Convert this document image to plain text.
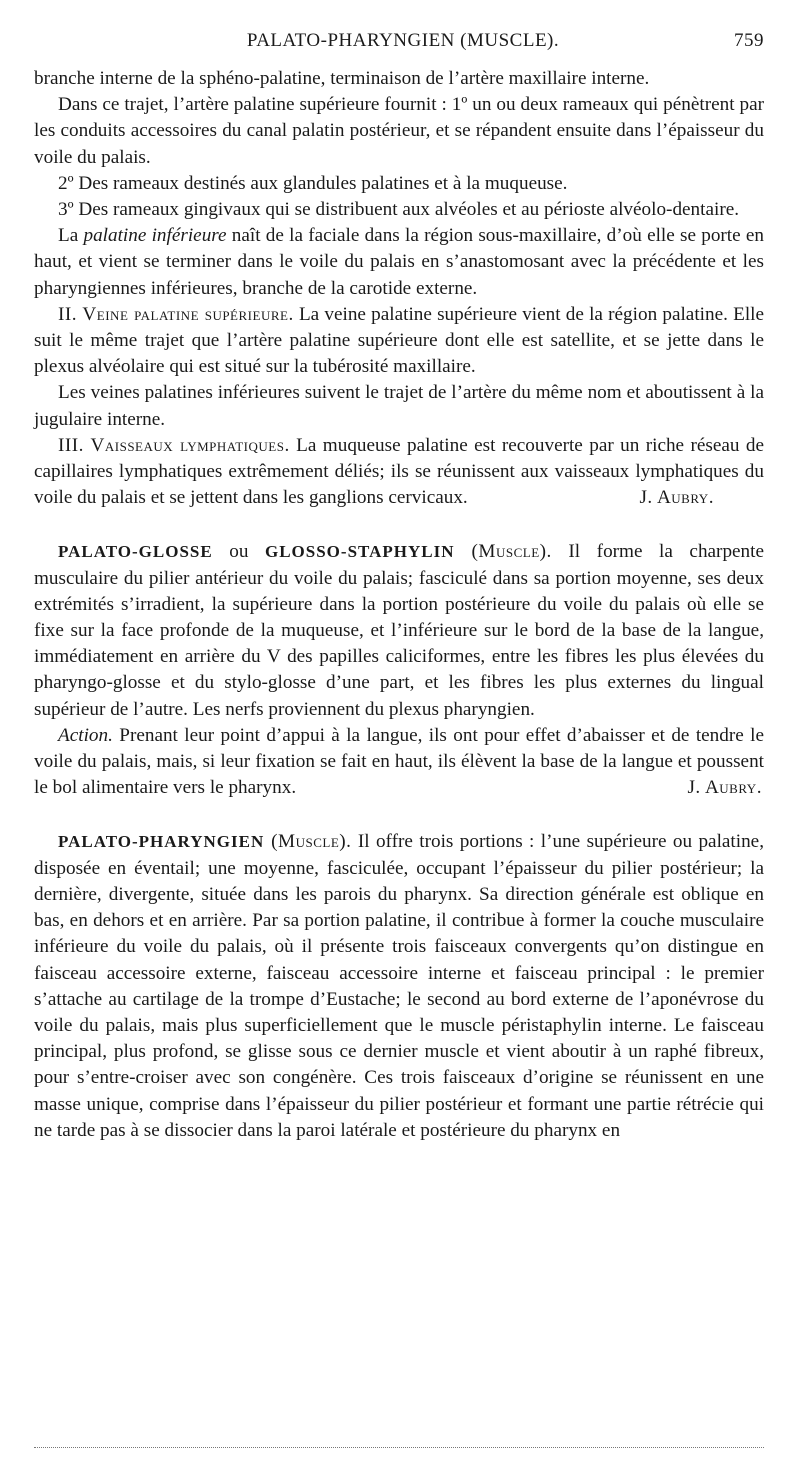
PALATO-PHARYNGIEN (MUSCLE).	759

branche interne de la sphéno-palatine, terminaison de l’artère maxillaire interne.

Dans ce trajet, l’artère palatine supérieure fournit : 1º un ou deux rameaux qui pénètrent par les conduits accessoires du canal palatin postérieur, et se répandent ensuite dans l’épaisseur du voile du palais.

2º Des rameaux destinés aux glandules palatines et à la muqueuse.

3º Des rameaux gingivaux qui se distribuent aux alvéoles et au périoste alvéolo-dentaire.

La palatine inférieure naît de la faciale dans la région sous-maxillaire, d’où elle se porte en haut, et vient se terminer dans le voile du palais en s’anastomosant avec la précédente et les pharyngiennes inférieures, branche de la carotide externe.

II. Veine palatine supérieure. La veine palatine supérieure vient de la région palatine. Elle suit le même trajet que l’artère palatine supérieure dont elle est satellite, et se jette dans le plexus alvéolaire qui est situé sur la tubérosité maxillaire.

Les veines palatines inférieures suivent le trajet de l’artère du même nom et aboutissent à la jugulaire interne.

III. Vaisseaux lymphatiques. La muqueuse palatine est recouverte par un riche réseau de capillaires lymphatiques extrêmement déliés; ils se réunissent aux vaisseaux lymphatiques du voile du palais et se jettent dans les ganglions cervicaux.	J. Aubry.

PALATO-GLOSSE ou GLOSSO-STAPHYLIN (Muscle). Il forme la charpente musculaire du pilier antérieur du voile du palais; fasciculé dans sa portion moyenne, ses deux extrémités s’irradient, la supérieure dans la portion postérieure du voile du palais où elle se fixe sur la face profonde de la muqueuse, et l’inférieure sur le bord de la base de la langue, immédiatement en arrière du V des papilles caliciformes, entre les fibres les plus élevées du pharyngo-glosse et du stylo-glosse d’une part, et les fibres les plus externes du lingual supérieur de l’autre. Les nerfs proviennent du plexus pharyngien.

Action. Prenant leur point d’appui à la langue, ils ont pour effet d’abaisser et de tendre le voile du palais, mais, si leur fixation se fait en haut, ils élèvent la base de la langue et poussent le bol alimentaire vers le pharynx.	J. Aubry.

PALATO-PHARYNGIEN (Muscle). Il offre trois portions : l’une supérieure ou palatine, disposée en éventail; une moyenne, fasciculée, occupant l’épaisseur du pilier postérieur; la dernière, divergente, située dans les parois du pharynx. Sa direction générale est oblique en bas, en dehors et en arrière. Par sa portion palatine, il contribue à former la couche musculaire inférieure du voile du palais, où il présente trois faisceaux convergents qu’on distingue en faisceau accessoire externe, faisceau accessoire interne et faisceau principal : le premier s’attache au cartilage de la trompe d’Eustache; le second au bord externe de l’aponévrose du voile du palais, mais plus superficiellement que le muscle péristaphylin interne. Le faisceau principal, plus profond, se glisse sous ce dernier muscle et vient aboutir à un raphé fibreux, pour s’entre-croiser avec son congénère. Ces trois faisceaux d’origine se réunissent en une masse unique, comprise dans l’épaisseur du pilier postérieur et formant une partie rétrécie qui ne tarde pas à se dissocier dans la paroi latérale et postérieure du pharynx en
